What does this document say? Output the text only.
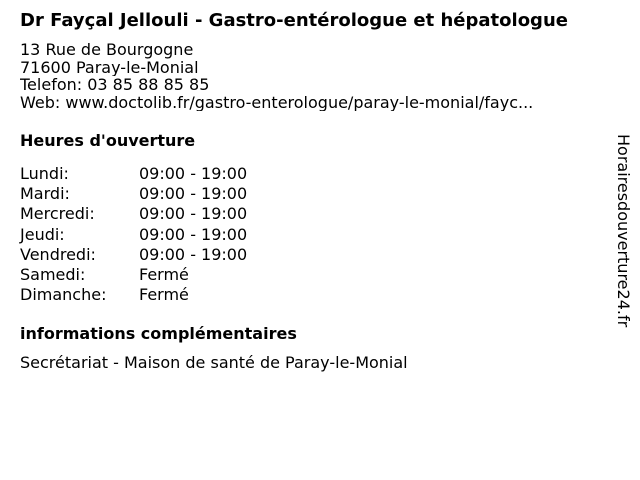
Dr Fayçal Jellouli - Gastro-entérologue et hépatologue
13 Rue de Bourgogne
71600 Paray-le-Monial
Telefon: 03 85 88 85 85
Web: www.doctolib.fr/gastro-enterologue/paray-le-monial/fayc...
Heures d'ouverture
Lundi:	09:00 - 19:00
Mardi:	09:00 - 19:00
Mercredi:	09:00 - 19:00
Jeudi:	09:00 - 19:00
Vendredi:	09:00 - 19:00
Samedi:	Fermé
Dimanche:	Fermé
informations complémentaires
Secrétariat - Maison de santé de Paray-le-Monial
Horairesdouverture24.fr
